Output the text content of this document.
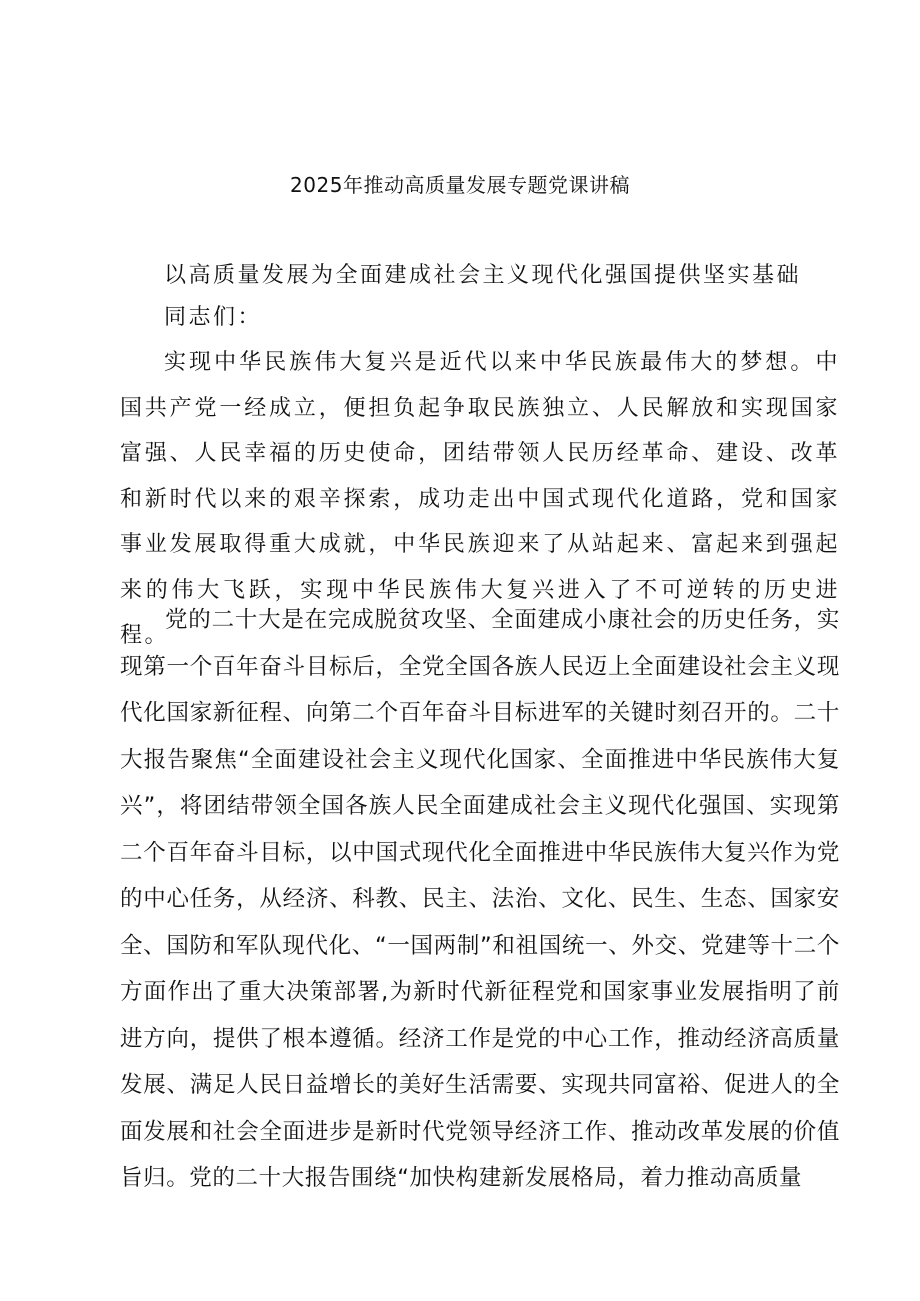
2025年推动高质量发展专题党课讲稿

以高质量发展为全面建成社会主义现代化强国提供坚实基础

同志们：

实现中华民族伟大复兴是近代以来中华民族最伟大的梦想。中国共产党一经成立，便担负起争取民族独立、人民解放和实现国家富强、人民幸福的历史使命，团结带领人民历经革命、建设、改革和新时代以来的艰辛探索，成功走出中国式现代化道路，党和国家事业发展取得重大成就，中华民族迎来了从站起来、富起来到强起来的伟大飞跃，实现中华民族伟大复兴进入了不可逆转的历史进程。

党的二十大是在完成脱贫攻坚、全面建成小康社会的历史任务，实现第一个百年奋斗目标后，全党全国各族人民迈上全面建设社会主义现代化国家新征程、向第二个百年奋斗目标进军的关键时刻召开的。二十大报告聚焦“全面建设社会主义现代化国家、全面推进中华民族伟大复兴”，将团结带领全国各族人民全面建成社会主义现代化强国、实现第二个百年奋斗目标，以中国式现代化全面推进中华民族伟大复兴作为党的中心任务，从经济、科教、民主、法治、文化、民生、生态、国家安全、国防和军队现代化、“一国两制”和祖国统一、外交、党建等十二个方面作出了重大决策部署,为新时代新征程党和国家事业发展指明了前进方向，提供了根本遵循。经济工作是党的中心工作，推动经济高质量发展、满足人民日益增长的美好生活需要、实现共同富裕、促进人的全面发展和社会全面进步是新时代党领导经济工作、推动改革发展的价值旨归。党的二十大报告围绕“加快构建新发展格局，着力推动高质量
